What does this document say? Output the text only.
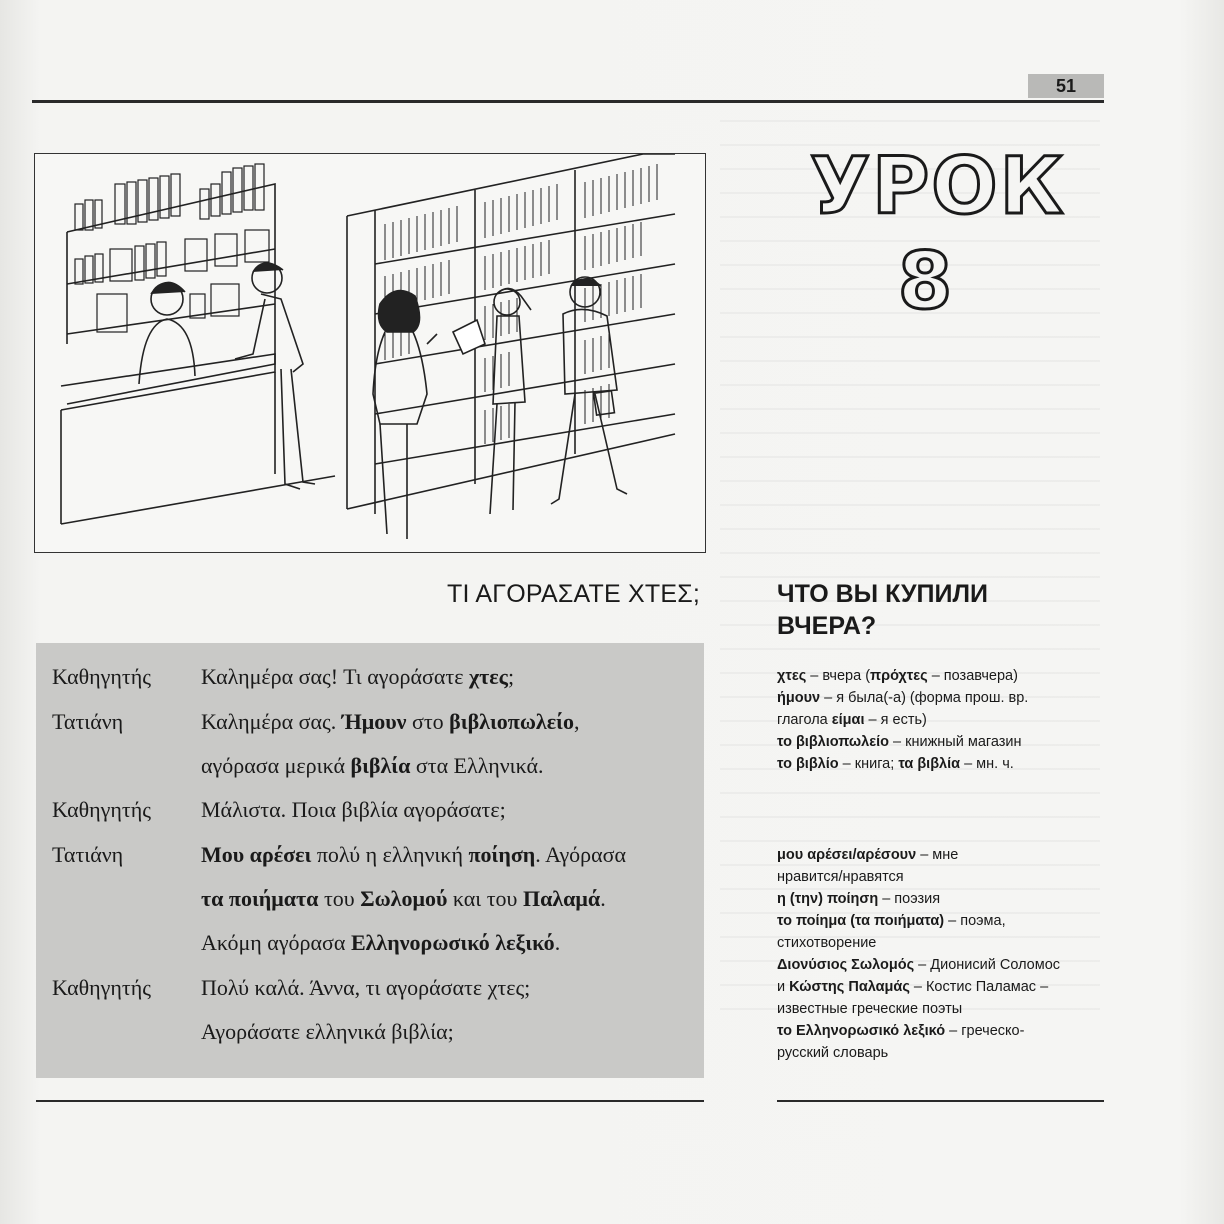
51
УРОК
8
ΤΙ ΑΓΟΡΑΣΑΤΕ ΧΤΕΣ;	ЧТО ВЫ КУПИЛИ
ВЧЕРА?
Καθηγητής Καλημέρα σας! Τι αγοράσατε χτες;
Τατιάνη	Καλημέρα σας. Ήμουν στο βιβλιοπωλείο,
αγόρασα μερικά βιβλία στα Ελληνικά.
Καθηγητής Μάλιστα. Ποια βιβλία αγοράσατε;
Τατιάνη	Μου αρέσει πολύ η ελληνική ποίηση. Αγόρασα
τα ποιήματα του Σωλομού και του Παλαμά.
Ακόμη αγόρασα Ελληνορωσικό λεξικό.
Καθηγητής Πολύ καλά. Άννα, τι αγοράσατε χτες;
Αγοράσατε ελληνικά βιβλία;
χτες – вчера (πρόχτες – позавчера)
ήμουν – я была(-а) (форма прош. вр.
глагола είμαι – я есть)
το βιβλιοπωλείο – книжный магазин
το βιβλίο – книга; τα βιβλία – мн. ч.
μου αρέσει/αρέσουν – мне
нравится/нравятся
η (την) ποίηση – поэзия
το ποίημα (τα ποιήματα) – поэма,
стихотворение
Διονύσιος Σωλομός – Дионисий Соломос
и Κώστης Παλαμάς – Костис Паламас –
известные греческие поэты
το Ελληνορωσικό λεξικό – греческо-
русский словарь
